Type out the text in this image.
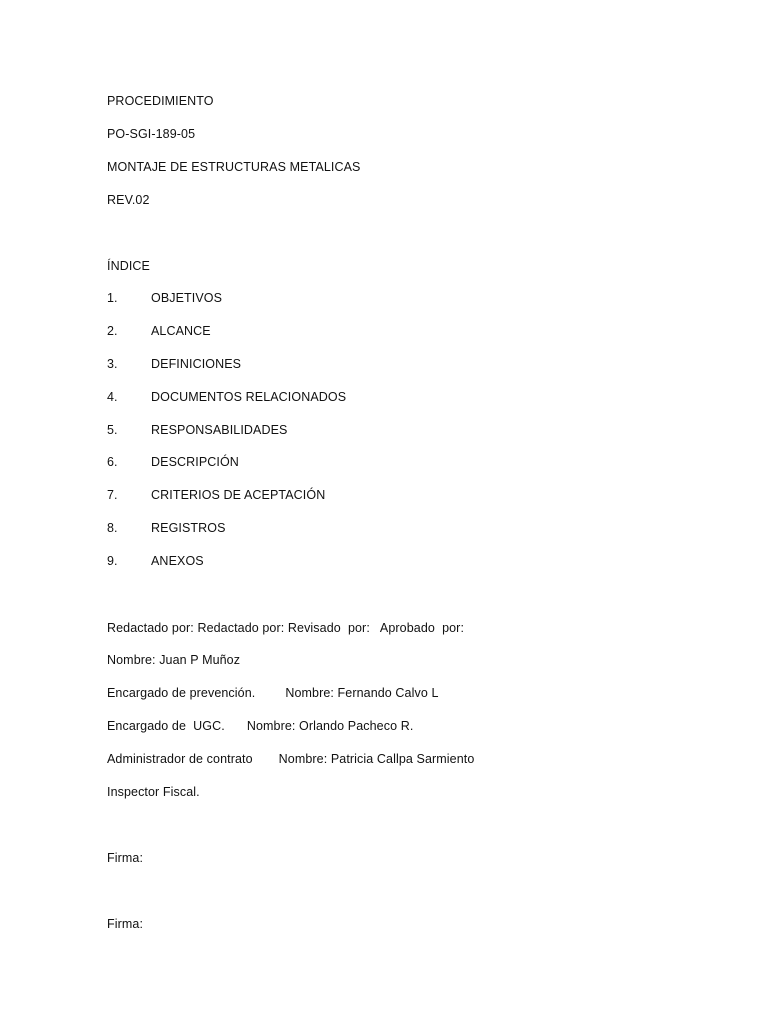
PROCEDIMIENTO
PO-SGI-189-05
MONTAJE DE ESTRUCTURAS METALICAS
REV.02
ÍNDICE
1.	OBJETIVOS
2.	ALCANCE
3.	DEFINICIONES
4.	DOCUMENTOS RELACIONADOS
5.	RESPONSABILIDADES
6.	DESCRIPCIÓN
7.	CRITERIOS DE ACEPTACIÓN
8.	REGISTROS
9.	ANEXOS
Redactado por: Redactado por: Revisado  por:   Aprobado  por:
Nombre: Juan P Muñoz
Encargado de prevención. Nombre: Fernando Calvo L
Encargado de  UGC. Nombre: Orlando Pacheco R.
Administrador de contrato Nombre: Patricia Callpa Sarmiento
Inspector Fiscal.
Firma:
Firma:
